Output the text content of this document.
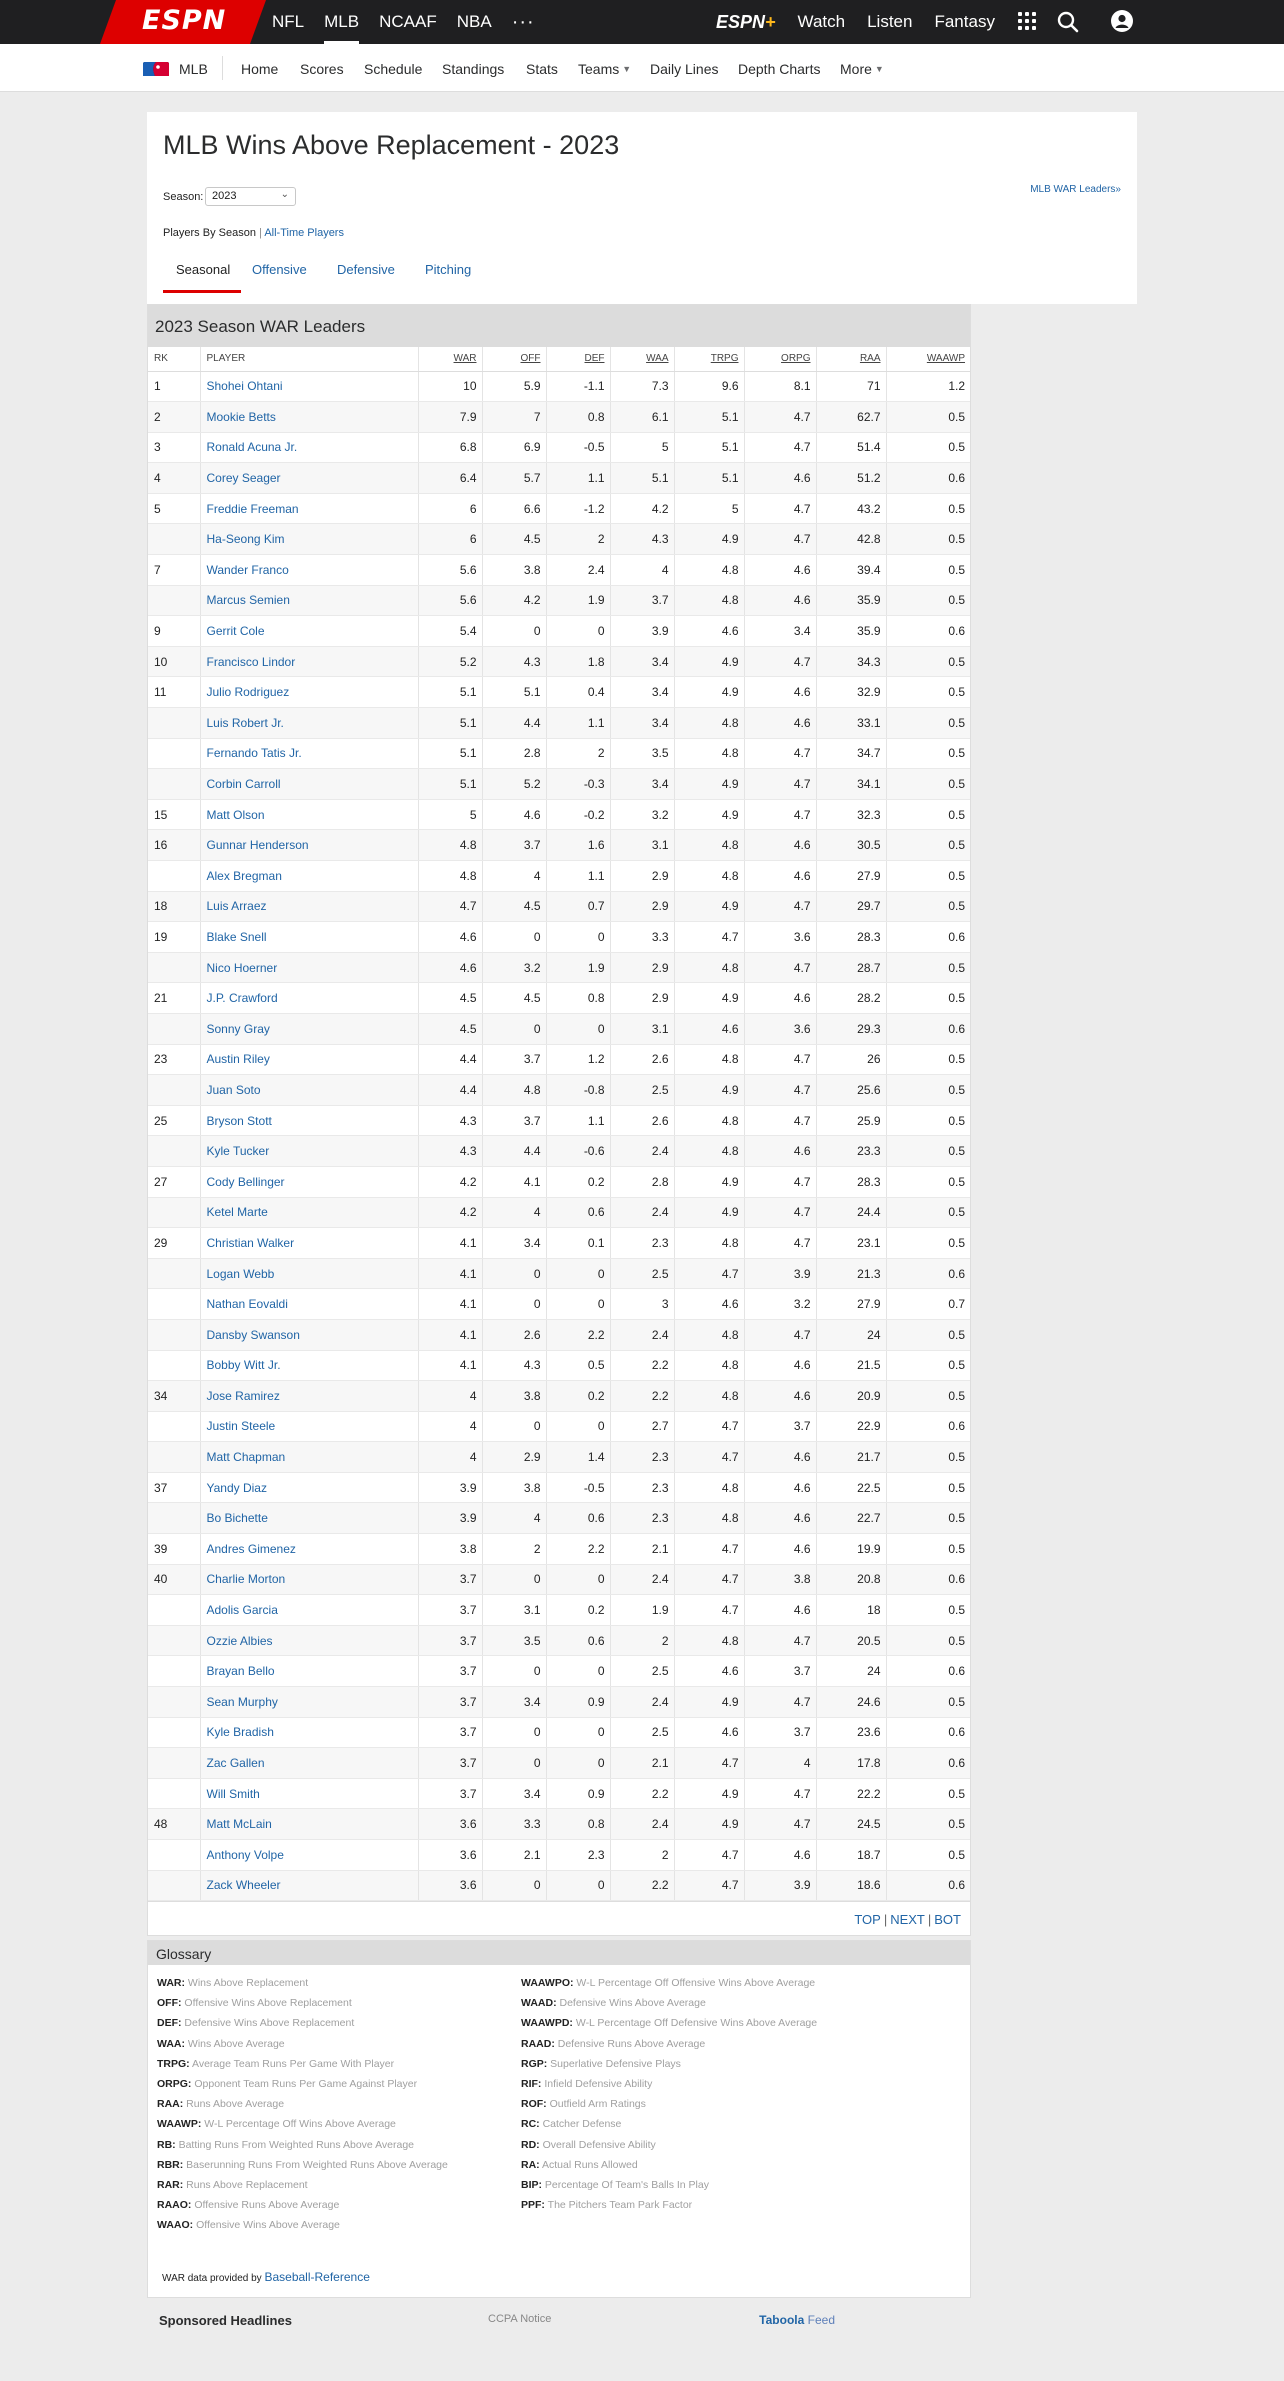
ESPN	NFL MLB NCAAF NBA ···	ESPN+ Watch Listen Fantasy
MLB Home Scores Schedule Standings Stats Teams ▼ Daily Lines Depth Charts More ▼
MLB Wins Above Replacement - 2023
Season: 2023	⌄	MLB WAR Leaders»
Players By Season | All-Time Players
Seasonal Offensive Defensive Pitching
2023 Season WAR Leaders
RK	PLAYER	WAR	OFF	DEF	WAA	TRPG	ORPG	RAA	WAAWP
1	Shohei Ohtani	10	5.9	-1.1	7.3	9.6	8.1	71	1.2
2	Mookie Betts	7.9	7	0.8	6.1	5.1	4.7	62.7	0.5
3	Ronald Acuna Jr.	6.8	6.9	-0.5	5	5.1	4.7	51.4	0.5
4	Corey Seager	6.4	5.7	1.1	5.1	5.1	4.6	51.2	0.6
5	Freddie Freeman	6	6.6	-1.2	4.2	5	4.7	43.2	0.5
	Ha-Seong Kim	6	4.5	2	4.3	4.9	4.7	42.8	0.5
7	Wander Franco	5.6	3.8	2.4	4	4.8	4.6	39.4	0.5
	Marcus Semien	5.6	4.2	1.9	3.7	4.8	4.6	35.9	0.5
9	Gerrit Cole	5.4	0	0	3.9	4.6	3.4	35.9	0.6
10	Francisco Lindor	5.2	4.3	1.8	3.4	4.9	4.7	34.3	0.5
11	Julio Rodriguez	5.1	5.1	0.4	3.4	4.9	4.6	32.9	0.5
	Luis Robert Jr.	5.1	4.4	1.1	3.4	4.8	4.6	33.1	0.5
	Fernando Tatis Jr.	5.1	2.8	2	3.5	4.8	4.7	34.7	0.5
	Corbin Carroll	5.1	5.2	-0.3	3.4	4.9	4.7	34.1	0.5
15	Matt Olson	5	4.6	-0.2	3.2	4.9	4.7	32.3	0.5
16	Gunnar Henderson	4.8	3.7	1.6	3.1	4.8	4.6	30.5	0.5
	Alex Bregman	4.8	4	1.1	2.9	4.8	4.6	27.9	0.5
18	Luis Arraez	4.7	4.5	0.7	2.9	4.9	4.7	29.7	0.5
19	Blake Snell	4.6	0	0	3.3	4.7	3.6	28.3	0.6
	Nico Hoerner	4.6	3.2	1.9	2.9	4.8	4.7	28.7	0.5
21	J.P. Crawford	4.5	4.5	0.8	2.9	4.9	4.6	28.2	0.5
	Sonny Gray	4.5	0	0	3.1	4.6	3.6	29.3	0.6
23	Austin Riley	4.4	3.7	1.2	2.6	4.8	4.7	26	0.5
	Juan Soto	4.4	4.8	-0.8	2.5	4.9	4.7	25.6	0.5
25	Bryson Stott	4.3	3.7	1.1	2.6	4.8	4.7	25.9	0.5
	Kyle Tucker	4.3	4.4	-0.6	2.4	4.8	4.6	23.3	0.5
27	Cody Bellinger	4.2	4.1	0.2	2.8	4.9	4.7	28.3	0.5
	Ketel Marte	4.2	4	0.6	2.4	4.9	4.7	24.4	0.5
29	Christian Walker	4.1	3.4	0.1	2.3	4.8	4.7	23.1	0.5
	Logan Webb	4.1	0	0	2.5	4.7	3.9	21.3	0.6
	Nathan Eovaldi	4.1	0	0	3	4.6	3.2	27.9	0.7
	Dansby Swanson	4.1	2.6	2.2	2.4	4.8	4.7	24	0.5
	Bobby Witt Jr.	4.1	4.3	0.5	2.2	4.8	4.6	21.5	0.5
34	Jose Ramirez	4	3.8	0.2	2.2	4.8	4.6	20.9	0.5
	Justin Steele	4	0	0	2.7	4.7	3.7	22.9	0.6
	Matt Chapman	4	2.9	1.4	2.3	4.7	4.6	21.7	0.5
37	Yandy Diaz	3.9	3.8	-0.5	2.3	4.8	4.6	22.5	0.5
	Bo Bichette	3.9	4	0.6	2.3	4.8	4.6	22.7	0.5
39	Andres Gimenez	3.8	2	2.2	2.1	4.7	4.6	19.9	0.5
40	Charlie Morton	3.7	0	0	2.4	4.7	3.8	20.8	0.6
	Adolis Garcia	3.7	3.1	0.2	1.9	4.7	4.6	18	0.5
	Ozzie Albies	3.7	3.5	0.6	2	4.8	4.7	20.5	0.5
	Brayan Bello	3.7	0	0	2.5	4.6	3.7	24	0.6
	Sean Murphy	3.7	3.4	0.9	2.4	4.9	4.7	24.6	0.5
	Kyle Bradish	3.7	0	0	2.5	4.6	3.7	23.6	0.6
	Zac Gallen	3.7	0	0	2.1	4.7	4	17.8	0.6
	Will Smith	3.7	3.4	0.9	2.2	4.9	4.7	22.2	0.5
48	Matt McLain	3.6	3.3	0.8	2.4	4.9	4.7	24.5	0.5
	Anthony Volpe	3.6	2.1	2.3	2	4.7	4.6	18.7	0.5
	Zack Wheeler	3.6	0	0	2.2	4.7	3.9	18.6	0.6
TOP | NEXT | BOT
Glossary
WAR: Wins Above Replacement
OFF: Offensive Wins Above Replacement
DEF: Defensive Wins Above Replacement
WAA: Wins Above Average
TRPG: Average Team Runs Per Game With Player
ORPG: Opponent Team Runs Per Game Against Player
RAA: Runs Above Average
WAAWP: W-L Percentage Off Wins Above Average
RB: Batting Runs From Weighted Runs Above Average
RBR: Baserunning Runs From Weighted Runs Above Average
RAR: Runs Above Replacement
RAAO: Offensive Runs Above Average
WAAO: Offensive Wins Above Average
WAAWPO: W-L Percentage Off Offensive Wins Above Average
WAAD: Defensive Wins Above Average
WAAWPD: W-L Percentage Off Defensive Wins Above Average
RAAD: Defensive Runs Above Average
RGP: Superlative Defensive Plays
RIF: Infield Defensive Ability
ROF: Outfield Arm Ratings
RC: Catcher Defense
RD: Overall Defensive Ability
RA: Actual Runs Allowed
BIP: Percentage Of Team's Balls In Play
PPF: The Pitchers Team Park Factor
WAR data provided by Baseball-Reference
Sponsored Headlines	CCPA Notice	Taboola Feed
